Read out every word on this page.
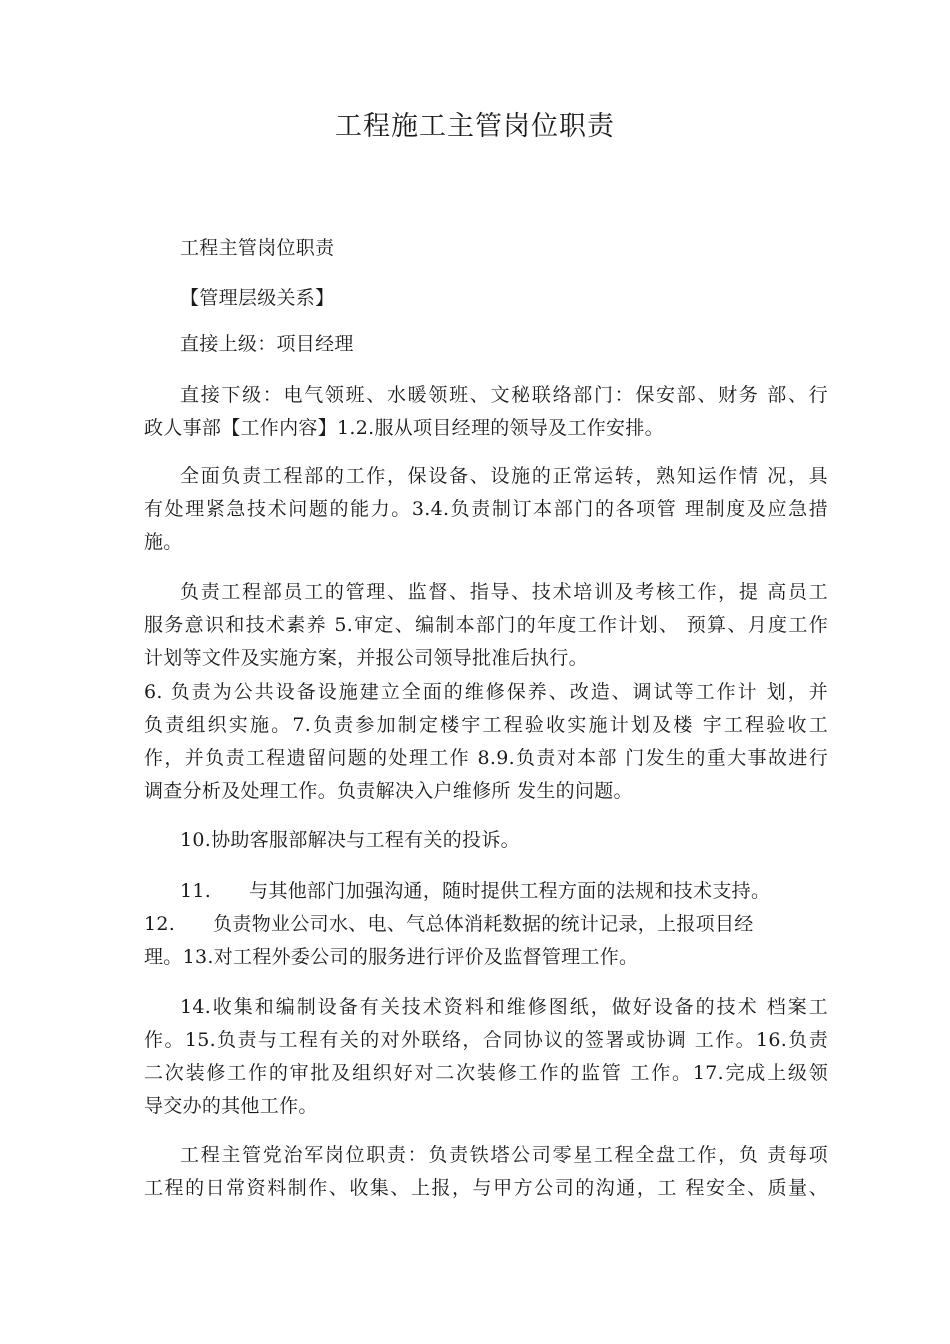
工程施工主管岗位职责
工程主管岗位职责
【管理层级关系】
直接上级：项目经理
直接下级：电气领班、水暖领班、文秘联络部门：保安部、财务 部、行
政人事部【工作内容】1.2.服从项目经理的领导及工作安排。
全面负责工程部的工作，保设备、设施的正常运转，熟知运作情 况，具
有处理紧急技术问题的能力。3.4.负责制订本部门的各项管 理制度及应急措
施。
负责工程部员工的管理、监督、指导、技术培训及考核工作，提 高员工
服务意识和技术素养 5.审定、编制本部门的年度工作计划、 预算、月度工作
计划等文件及实施方案，并报公司领导批准后执行。
6. 负责为公共设备设施建立全面的维修保养、改造、调试等工作计 划，并
负责组织实施。7.负责参加制定楼宇工程验收实施计划及楼 宇工程验收工
作，并负责工程遗留问题的处理工作 8.9.负责对本部 门发生的重大事故进行
调查分析及处理工作。负责解决入户维修所 发生的问题。
10.协助客服部解决与工程有关的投诉。
11.      与其他部门加强沟通，随时提供工程方面的法规和技术支持。
12.      负责物业公司水、电、气总体消耗数据的统计记录，上报项目经
理。13.对工程外委公司的服务进行评价及监督管理工作。
14.收集和编制设备有关技术资料和维修图纸，做好设备的技术 档案工
作。15.负责与工程有关的对外联络，合同协议的签署或协调 工作。16.负责
二次装修工作的审批及组织好对二次装修工作的监管 工作。17.完成上级领
导交办的其他工作。
工程主管党治军岗位职责：负责铁塔公司零星工程全盘工作，负 责每项
工程的日常资料制作、收集、上报，与甲方公司的沟通，工 程安全、质量、
